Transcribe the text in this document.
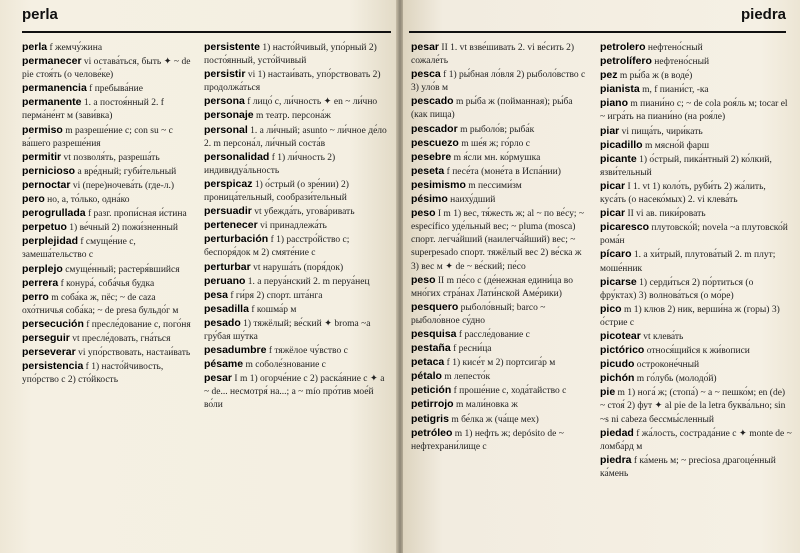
perla
perla f жемчу́жина
permanecer vi остава́ться, быть ✦ ~ de pie стоя́ть (о челове́ке)
permanencia f пребыва́ние
permanente 1. a постоя́нный 2. f перма́не́нт м (зави́вка)
permiso m разреше́ние с; con su ~ с ва́шего разреше́ния
permitir vt позволя́ть, разреша́ть
pernicioso a вре́дный; губи́тельный
pernoctar vi (пере)ночева́ть (где-л.)
pero но, а, то́лько, одна́ко
perogrullada f разг. пропи́сная и́стина
perpetuo 1) ве́чный 2) пожи́зненный
perplejidad f смуще́ние с, замеша́тельство с
perplejo смуще́нный; растеря́вшийся
perrera f конура́, соба́чья будка
perro m соба́ка ж, пёс; ~ de caza охо́тничья соба́ка; ~ de presa бульдо́г м
persecución f пресле́дование с, пого́ня
perseguir vt пресле́довать, гна́ться
perseverar vi упо́рствовать, настаи́вать
persistencia f 1) насто́йчивость, упо́рство с 2) сто́йкость
persistente 1) насто́йчивый, упо́рный 2) посто́янный, усто́йчивый
persistir vi 1) настаи́вать, упо́рствовать 2) продолжа́ться
persona f лицо́ с, ли́чность ✦ en ~ ли́чно
personaje m театр. персона́ж
personal 1. a ли́чный; asunto ~ ли́чное де́ло 2. m персона́л, ли́чный соста́в
personalidad f 1) ли́чность 2) индивидуа́льность
perspicaz 1) о́стрый (о зре́нии) 2) проница́тельный, сообрази́тельный
persuadir vt убежда́ть, угова́ривать
pertenecer vi принадлежа́ть
perturbación f 1) расстро́йство с; беспоря́док м 2) смяте́ние с
perturbar vt наруша́ть (поря́док)
peruano 1. a перуа́нский 2. m перуа́нец
pesa f ги́ря 2) спорт. шта́нга
pesadilla f кошма́р м
pesado 1) тяжёлый; ве́ский ✦ broma ~a гру́бая шу́тка
pesadumbre f тяжёлое чу́вство с
pésame m соболе́знование с
pesar I m 1) огорче́ние с 2) раска́яние с ✦ a ~ de... несмотря́ на...; a ~ mío про́тив мое́й во́ли
piedra
pesar II 1. vt взве́шивать 2. vi ве́сить 2) сожале́ть
pesca f 1) ры́бная ло́вля 2) рыболо́вство с 3) уло́в м
pescado m ры́ба ж (пойманная); ры́ба (как пища)
pescador m рыболо́в; рыба́к
pescuezo m ше́я ж; го́рло с
pesebre m я́сли мн. ко́рмушка
peseta f песе́та (моне́та в Испа́нии)
pesimismo m пессими́зм
pésimo наиху́дший
peso I m 1) вес, тя́жесть ж; al ~ по ве́су; ~ específico уде́льный вес; ~ pluma (mosca) спорт. легча́йший (наилегча́йший) вес; ~ superpesado спорт. тяжёлый вес 2) ве́ска ж 3) вес м ✦ de ~ ве́ский; пе́со
peso II m пе́со с (де́нежная едини́ца во мно́гих стра́нах Лати́нской Аме́рики)
pesquero рыболо́вный; barco ~ рыболо́вное су́дно
pesquisa f рассле́дование с
pestaña f ресни́ца
petaca f 1) кисе́т м 2) портсига́р м
pétalo m лепесто́к
petición f проше́ние с, хода́тайство с
petirrojo m мали́новка ж
petigris m бе́лка ж (ча́ще мех)
petróleo m 1) нефть ж; depósito de ~ нефтехрани́лище с
petrolero нефтено́сный
petrolífero нефтено́сный
pez m ры́ба ж (в воде́)
pianista m, f пиани́ст, -ка
piano m пиани́но с; ~ de cola роя́ль м; tocar el ~ игра́ть на пиани́но (на роя́ле)
piar vi пища́ть, чири́кать
picadillo m мясно́й фарш
picante 1) о́стрый, пика́нтный 2) ко́лкий, язви́тельный
picar I 1. vt 1) коло́ть, руби́ть 2) жа́лить, куса́ть (о насеко́мых) 2. vi клева́ть
picar II vi ав. пики́ровать
picaresco плутовско́й; novela ~a плутовско́й рома́н
pícaro 1. a хи́трый, плутова́тый 2. m плут; моше́нник
picarse 1) серди́ться 2) по́ртиться (о фру́ктах) 3) волнова́ться (о мо́ре)
pico m 1) клюв 2) ник, верши́на ж (горы) 3) о́стрие с
picotear vt клева́ть
pictórico относя́щийся к жи́вописи
picudo остроконе́чный
pichón m го́лубь (молодо́й)
pie m 1) нога́ ж; (стопа́) ~ a ~ пешко́м; en (de) ~ стоя́ 2) фут ✦ al pie de la letra буква́льно; sin ~s ni cabeza бессмы́сленный
piedad f жа́лость, сострада́ние с ✦ monte de ~ ломба́рд м
piedra f ка́мень м; ~ preciosa драгоце́нный ка́мень
